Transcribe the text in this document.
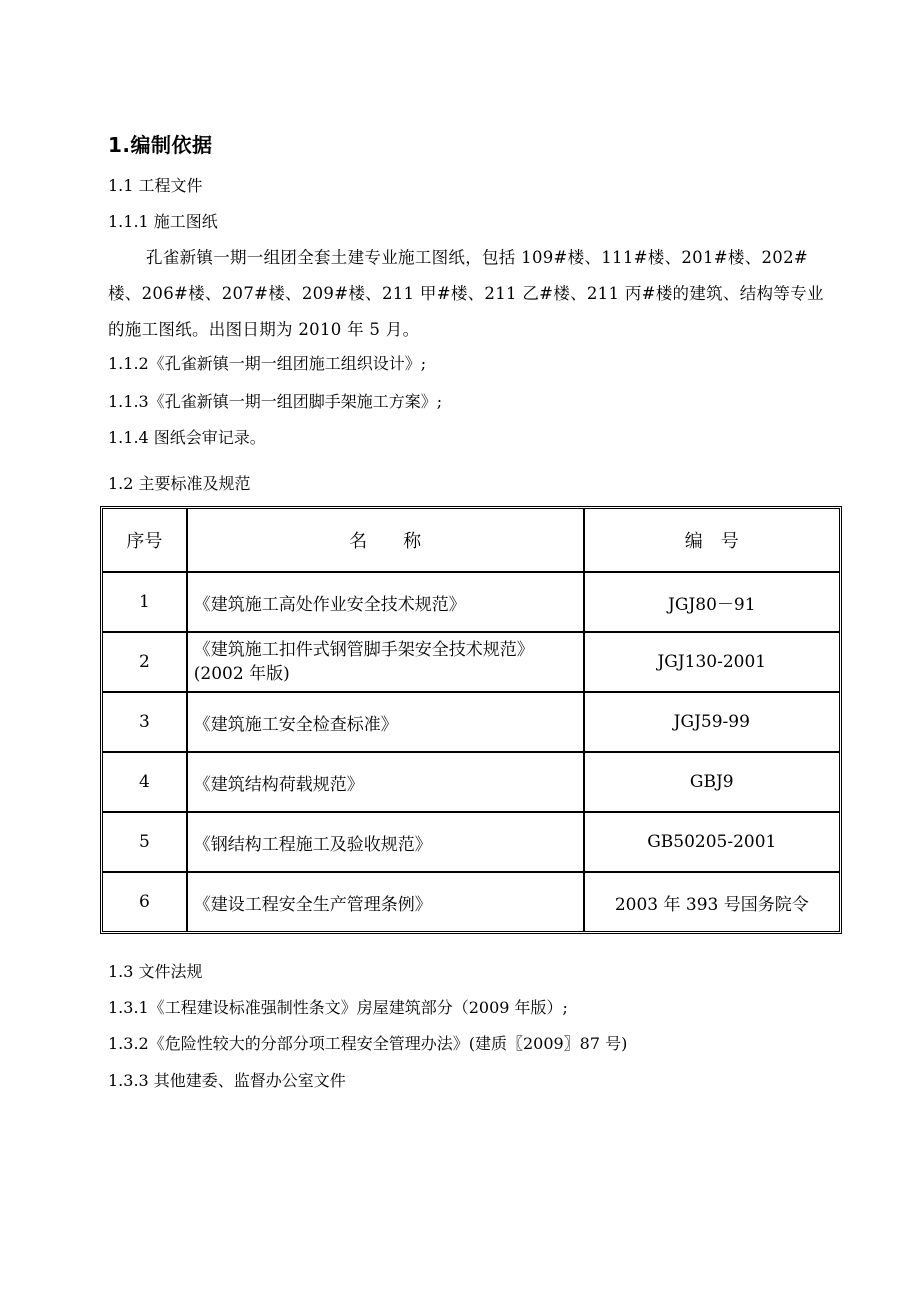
1.编制依据
1.1 工程文件
1.1.1 施工图纸
孔雀新镇一期一组团全套土建专业施工图纸，包括 109#楼、111#楼、201#楼、202#楼、206#楼、207#楼、209#楼、211 甲#楼、211 乙#楼、211 丙#楼的建筑、结构等专业的施工图纸。出图日期为 2010 年 5 月。
1.1.2《孔雀新镇一期一组团施工组织设计》;
1.1.3《孔雀新镇一期一组团脚手架施工方案》;
1.1.4 图纸会审记录。
1.2 主要标准及规范
序号	名　　称	编　号
1	《建筑施工高处作业安全技术规范》	JGJ80－91
2	《建筑施工扣件式钢管脚手架安全技术规范》(2002 年版)	JGJ130-2001
3	《建筑施工安全检查标准》	JGJ59-99
4	《建筑结构荷载规范》	GBJ9
5	《钢结构工程施工及验收规范》	GB50205-2001
6	《建设工程安全生产管理条例》	2003 年 393 号国务院令
1.3 文件法规
1.3.1《工程建设标准强制性条文》房屋建筑部分（2009 年版）;
1.3.2《危险性较大的分部分项工程安全管理办法》(建质〖2009〗87 号)
1.3.3 其他建委、监督办公室文件
